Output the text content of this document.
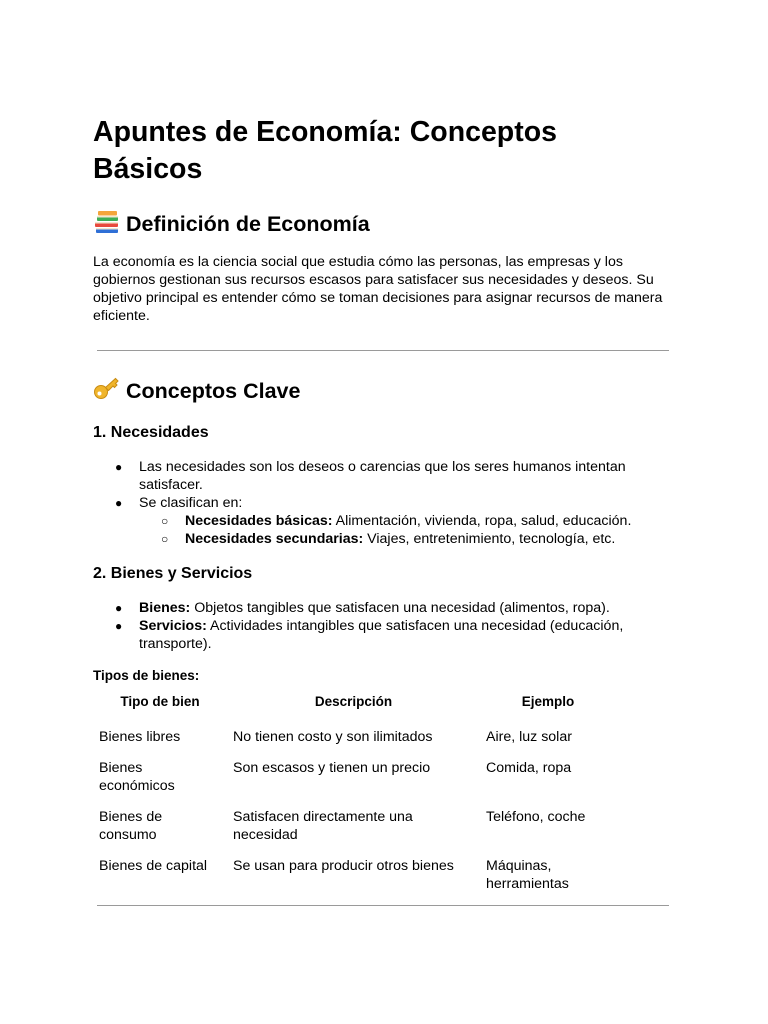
Apuntes de Economía: Conceptos Básicos
Definición de Economía

La economía es la ciencia social que estudia cómo las personas, las empresas y los gobiernos gestionan sus recursos escasos para satisfacer sus necesidades y deseos. Su objetivo principal es entender cómo se toman decisiones para asignar recursos de manera eficiente.

Conceptos Clave
1. Necesidades
● Las necesidades son los deseos o carencias que los seres humanos intentan satisfacer.
● Se clasifican en:
○ Necesidades básicas: Alimentación, vivienda, ropa, salud, educación.
○ Necesidades secundarias: Viajes, entretenimiento, tecnología, etc.
2. Bienes y Servicios
● Bienes: Objetos tangibles que satisfacen una necesidad (alimentos, ropa).
● Servicios: Actividades intangibles que satisfacen una necesidad (educación, transporte).

Tipos de bienes:

Tipo de bien	Descripción	Ejemplo
Bienes libres	No tienen costo y son ilimitados	Aire, luz solar
Bienes económicos	Son escasos y tienen un precio	Comida, ropa
Bienes de consumo	Satisfacen directamente una necesidad	Teléfono, coche
Bienes de capital	Se usan para producir otros bienes	Máquinas, herramientas
